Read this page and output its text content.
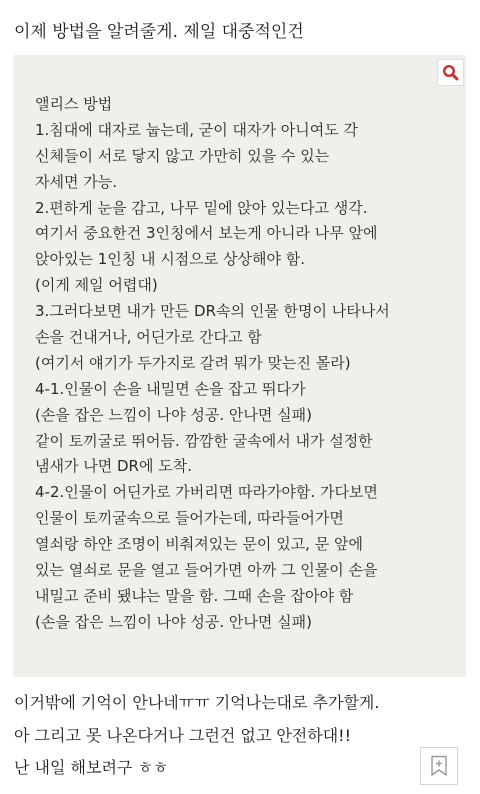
이제 방법을 알려줄게. 제일 대중적인건
앨리스 방법
1.침대에 대자로 눕는데, 굳이 대자가 아니여도 각
신체들이 서로 닿지 않고 가만히 있을 수 있는
자세면 가능.
2.편하게 눈을 감고, 나무 밑에 앉아 있는다고 생각.
여기서 중요한건 3인칭에서 보는게 아니라 나무 앞에
앉아있는 1인칭 내 시점으로 상상해야 함.
(이게 제일 어렵대)
3.그러다보면 내가 만든 DR속의 인물 한명이 나타나서
손을 건내거나, 어딘가로 간다고 함
(여기서 얘기가 두가지로 갈려 뭐가 맞는진 몰라)
4-1.인물이 손을 내밀면 손을 잡고 뛰다가
(손을 잡은 느낌이 나야 성공. 안나면 실패)
같이 토끼굴로 뛰어듬. 깜깜한 굴속에서 내가 설정한
냄새가 나면 DR에 도착.
4-2.인물이 어딘가로 가버리면 따라가야함. 가다보면
인물이 토끼굴속으로 들어가는데, 따라들어가면
열쇠랑 하얀 조명이 비춰져있는 문이 있고, 문 앞에
있는 열쇠로 문을 열고 들어가면 아까 그 인물이 손을
내밀고 준비 됐냐는 말을 함. 그때 손을 잡아야 함
(손을 잡은 느낌이 나야 성공. 안나면 실패)
이거밖에 기억이 안나네ㅠㅠ 기억나는대로 추가할게.
아 그리고 못 나온다거나 그런건 없고 안전하대!!
난 내일 해보려구 ㅎㅎ
